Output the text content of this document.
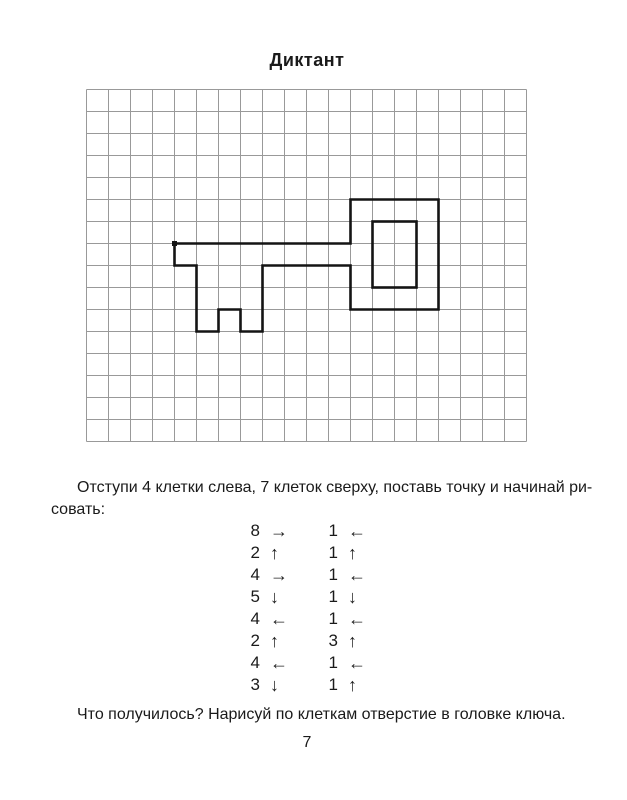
Диктант

Отступи 4 клетки слева, 7 клеток сверху, поставь точку и начинай ри-
совать:

8 →	1 ←
2 ↑	1 ↑
4 →	1 ←
5 ↓	1 ↓
4 ←	1 ←
2 ↑	3 ↑
4 ←	1 ←
3 ↓	1 ↑

Что получилось? Нарисуй по клеткам отверстие в головке ключа.

7
